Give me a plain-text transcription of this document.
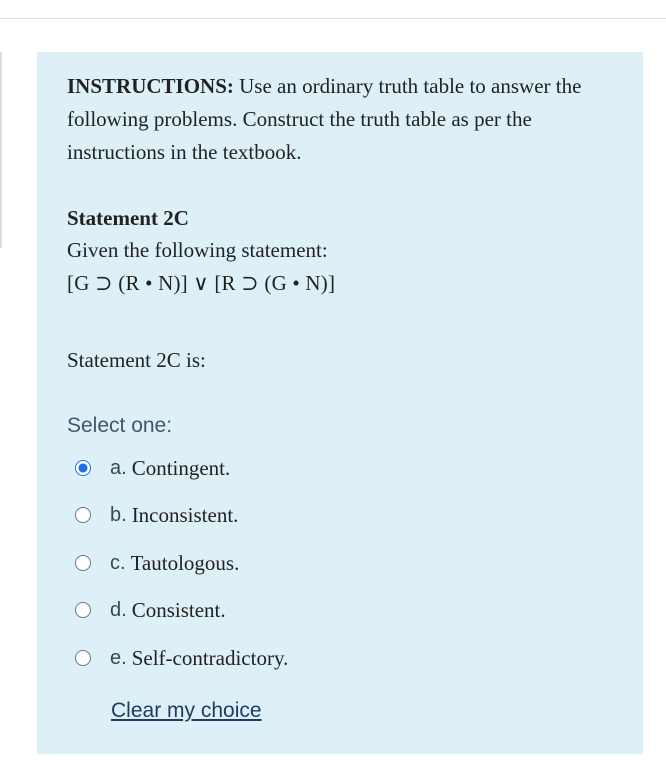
INSTRUCTIONS: Use an ordinary truth table to answer the following problems. Construct the truth table as per the instructions in the textbook.
Statement 2C
Given the following statement:
[G ⊃ (R • N)] ∨ [R ⊃ (G • N)]
Statement 2C is:
Select one:
a. Contingent.
b. Inconsistent.
c. Tautologous.
d. Consistent.
e. Self-contradictory.
Clear my choice
